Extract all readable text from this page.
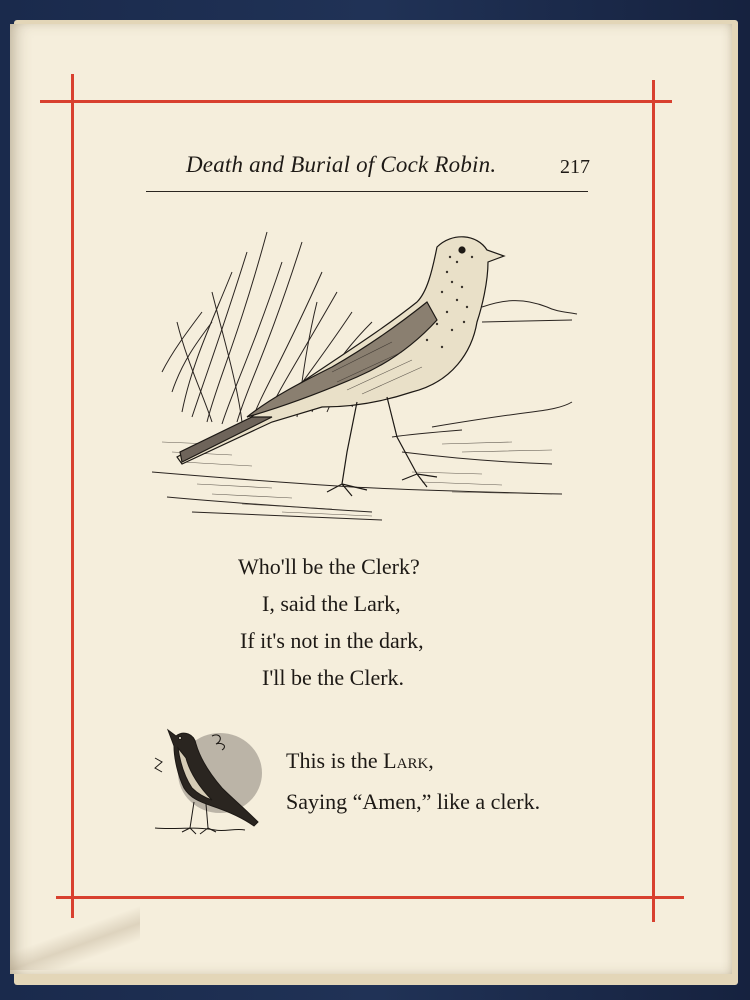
Death and Burial of Cock Robin.	217
Who'll be the Clerk?
I, said the Lark,
If it's not in the dark,
I'll be the Clerk.
This is the Lark,
Saying “Amen,” like a clerk.
